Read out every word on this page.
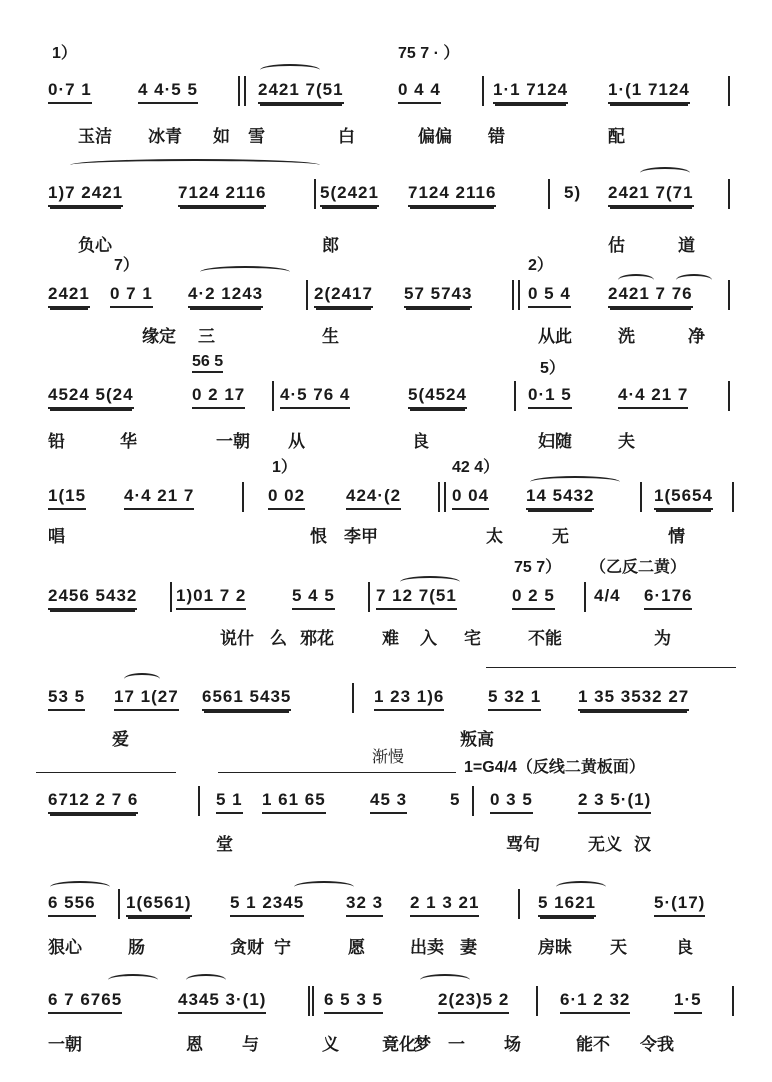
1）	75 7 · ）
0·7 1	4 4·5 5	2421 7(51	0 4 4	1·1 7124 1·(1 7124
玉洁 冰青 如 雪	白	偏偏 错	配
1)7 2421	7124 2116	5(2421 7124 2116	5) 2421 7(71
负心	郎	估	道
7）	2）
2421 0 7 1 4·2 1243	2(2417 57 5743	0 5 4 2421 7 76
缘定 三	生	从此	洗	净
56 5	5）
4524 5(24	0 2 17 4·5 76 4	5(4524	0·1 5	4·4 21 7
铅	华	一朝 从	良	妇随	夫
1）	42 4）
1(15 4·4 21 7	0 02 424·(2	0 04 14 5432	1(5654
唱	恨 李甲	太	无	情
75 7） （乙反二黄）
2456 5432 1)01 7 2	5 4 5 7 12 7(51	0 2 5 4/4 6·176
说什 么 邪花	难 入 宅	不能	为
53 5 17 1(27 6561 5435	1 23 1)6	5 32 1 1 35 3532 27
爱	叛高
渐慢
1=G4/4（反线二黄板面）
6712 2 7 6	5 1 1 61 65	45 3	5 0 3 5	2 3 5·(1)
堂	骂句	无义 汉
6 556 1(6561) 5 1 2345 32 3 2 1 3 21	5 1621	5·(17)
狠心	肠	贪财 宁	愿	出卖 妻	房昧 天	良
6 7 6765	4345 3·(1)	6 5 3 5	2(23)5 2	6·1 2 32	1·5
一朝	恩 与	义	竟化
梦 一 场	能不 令我
